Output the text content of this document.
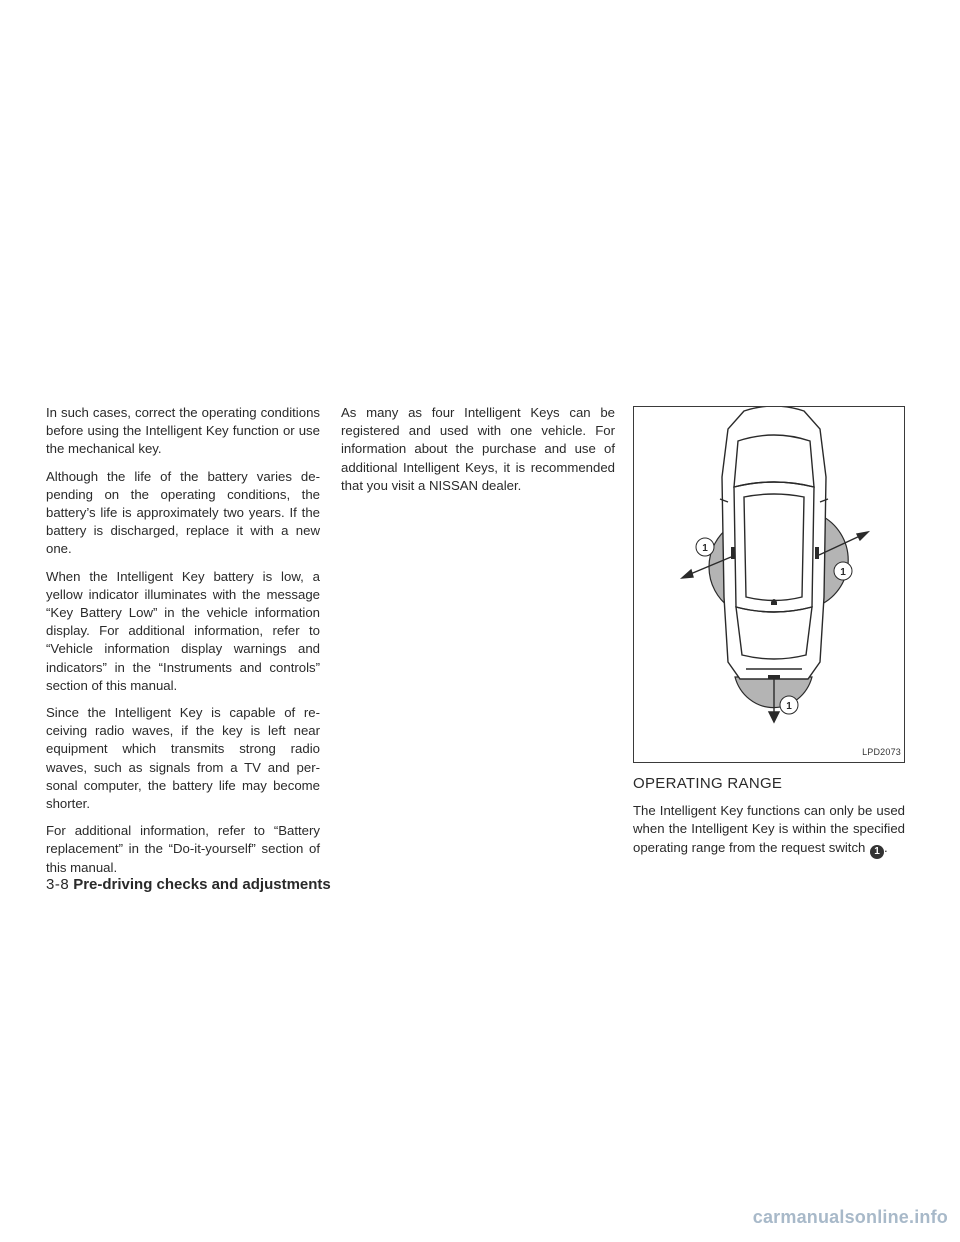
In such cases, correct the operating conditions before using the Intelligent Key function or use the mechanical key.

Although the life of the battery varies depending on the operating conditions, the battery’s life is approximately two years. If the battery is discharged, replace it with a new one.

When the Intelligent Key battery is low, a yellow indicator illuminates with the message “Key Battery Low” in the vehicle information display. For additional information, refer to “Vehicle information display warnings and indicators” in the “Instruments and controls” section of this manual.

Since the Intelligent Key is capable of receiving radio waves, if the key is left near equipment which transmits strong radio waves, such as signals from a TV and personal computer, the battery life may become shorter.

For additional information, refer to “Battery replacement” in the “Do-it-yourself” section of this manual.

As many as four Intelligent Keys can be registered and used with one vehicle. For information about the purchase and use of additional Intelligent Keys, it is recommended that you visit a NISSAN dealer.

1
1
1
LPD2073
OPERATING RANGE

The Intelligent Key functions can only be used when the Intelligent Key is within the specified operating range from the request switch 1 .

3-8 Pre-driving checks and adjustments
carmanualsonline.info
